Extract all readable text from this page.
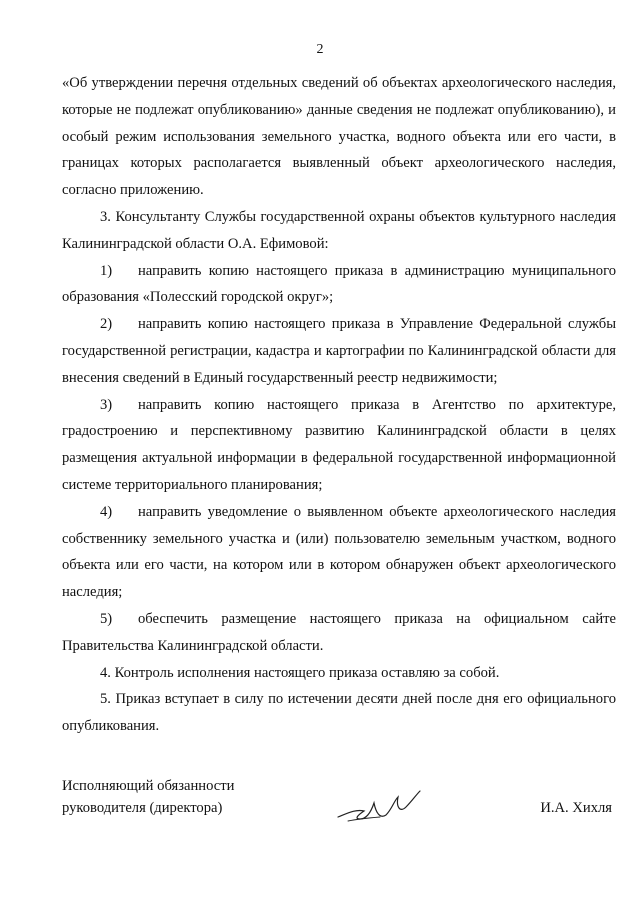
2

«Об утверждении перечня отдельных сведений об объектах археологического наследия, которые не подлежат опубликованию» данные сведения не подлежат опубликованию), и особый режим использования земельного участка, водного объекта или его части, в границах которых располагается выявленный объект археологического наследия, согласно приложению.

3. Консультанту Службы государственной охраны объектов культурного наследия Калининградской области О.А. Ефимовой:

1) направить копию настоящего приказа в администрацию муниципального образования «Полесский городской округ»;

2) направить копию настоящего приказа в Управление Федеральной службы государственной регистрации, кадастра и картографии по Калининградской области для внесения сведений в Единый государственный реестр недвижимости;

3) направить копию настоящего приказа в Агентство по архитектуре, градостроению и перспективному развитию Калининградской области в целях размещения актуальной информации в федеральной государственной информационной системе территориального планирования;

4) направить уведомление о выявленном объекте археологического наследия собственнику земельного участка и (или) пользователю земельным участком, водного объекта или его части, на котором или в котором обнаружен объект археологического наследия;

5) обеспечить размещение настоящего приказа на официальном сайте Правительства Калининградской области.

4. Контроль исполнения настоящего приказа оставляю за собой.

5. Приказ вступает в силу по истечении десяти дней после дня его официального опубликования.

Исполняющий обязанности
руководителя (директора)	И.А. Хихля
